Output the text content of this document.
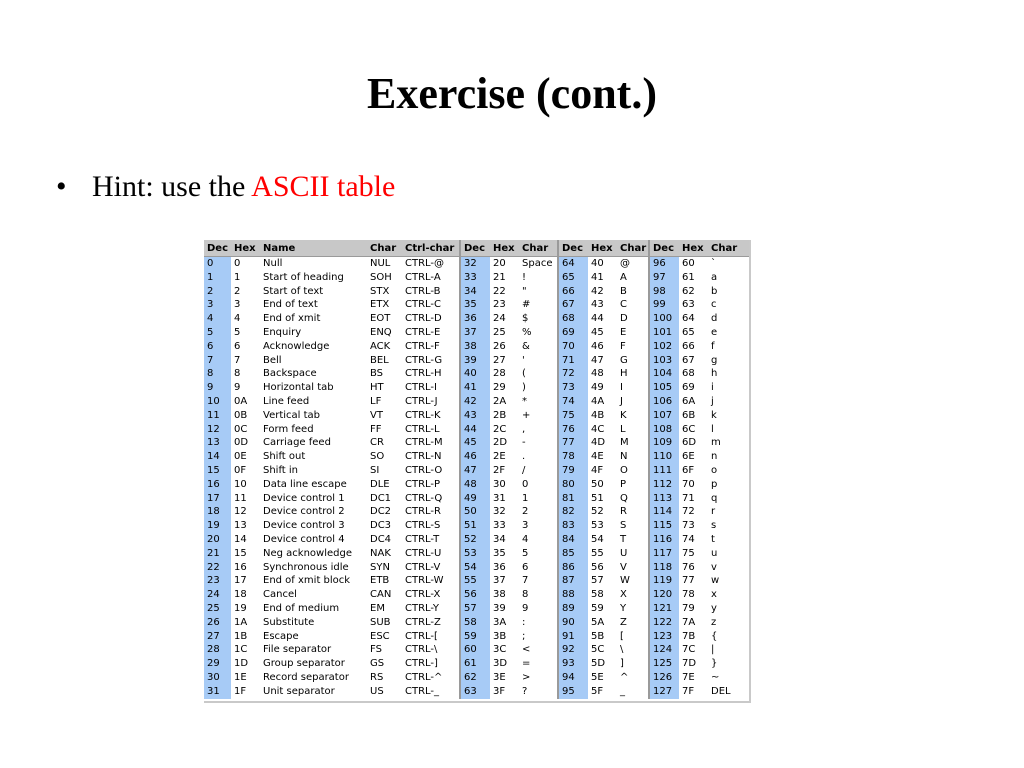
Exercise (cont.)
• Hint: use the ASCII table
Dec	Hex	Name	Char	Ctrl-char	Dec	Hex	Char	Dec	Hex	Char	Dec	Hex	Char
0	0	Null	NUL	CTRL-@	32	20	Space	64	40	@	96	60	`
1	1	Start of heading	SOH	CTRL-A	33	21	!	65	41	A	97	61	a
2	2	Start of text	STX	CTRL-B	34	22	"	66	42	B	98	62	b
3	3	End of text	ETX	CTRL-C	35	23	#	67	43	C	99	63	c
4	4	End of xmit	EOT	CTRL-D	36	24	$	68	44	D	100	64	d
5	5	Enquiry	ENQ	CTRL-E	37	25	%	69	45	E	101	65	e
6	6	Acknowledge	ACK	CTRL-F	38	26	&	70	46	F	102	66	f
7	7	Bell	BEL	CTRL-G	39	27	'	71	47	G	103	67	g
8	8	Backspace	BS	CTRL-H	40	28	(	72	48	H	104	68	h
9	9	Horizontal tab	HT	CTRL-I	41	29	)	73	49	I	105	69	i
10	0A	Line feed	LF	CTRL-J	42	2A	*	74	4A	J	106	6A	j
11	0B	Vertical tab	VT	CTRL-K	43	2B	+	75	4B	K	107	6B	k
12	0C	Form feed	FF	CTRL-L	44	2C	,	76	4C	L	108	6C	l
13	0D	Carriage feed	CR	CTRL-M	45	2D	-	77	4D	M	109	6D	m
14	0E	Shift out	SO	CTRL-N	46	2E	.	78	4E	N	110	6E	n
15	0F	Shift in	SI	CTRL-O	47	2F	/	79	4F	O	111	6F	o
16	10	Data line escape	DLE	CTRL-P	48	30	0	80	50	P	112	70	p
17	11	Device control 1	DC1	CTRL-Q	49	31	1	81	51	Q	113	71	q
18	12	Device control 2	DC2	CTRL-R	50	32	2	82	52	R	114	72	r
19	13	Device control 3	DC3	CTRL-S	51	33	3	83	53	S	115	73	s
20	14	Device control 4	DC4	CTRL-T	52	34	4	84	54	T	116	74	t
21	15	Neg acknowledge	NAK	CTRL-U	53	35	5	85	55	U	117	75	u
22	16	Synchronous idle	SYN	CTRL-V	54	36	6	86	56	V	118	76	v
23	17	End of xmit block	ETB	CTRL-W	55	37	7	87	57	W	119	77	w
24	18	Cancel	CAN	CTRL-X	56	38	8	88	58	X	120	78	x
25	19	End of medium	EM	CTRL-Y	57	39	9	89	59	Y	121	79	y
26	1A	Substitute	SUB	CTRL-Z	58	3A	:	90	5A	Z	122	7A	z
27	1B	Escape	ESC	CTRL-[	59	3B	;	91	5B	[	123	7B	{
28	1C	File separator	FS	CTRL-\	60	3C	<	92	5C	\	124	7C	|
29	1D	Group separator	GS	CTRL-]	61	3D	=	93	5D	]	125	7D	}
30	1E	Record separator	RS	CTRL-^	62	3E	>	94	5E	^	126	7E	~
31	1F	Unit separator	US	CTRL-_	63	3F	?	95	5F	_	127	7F	DEL
